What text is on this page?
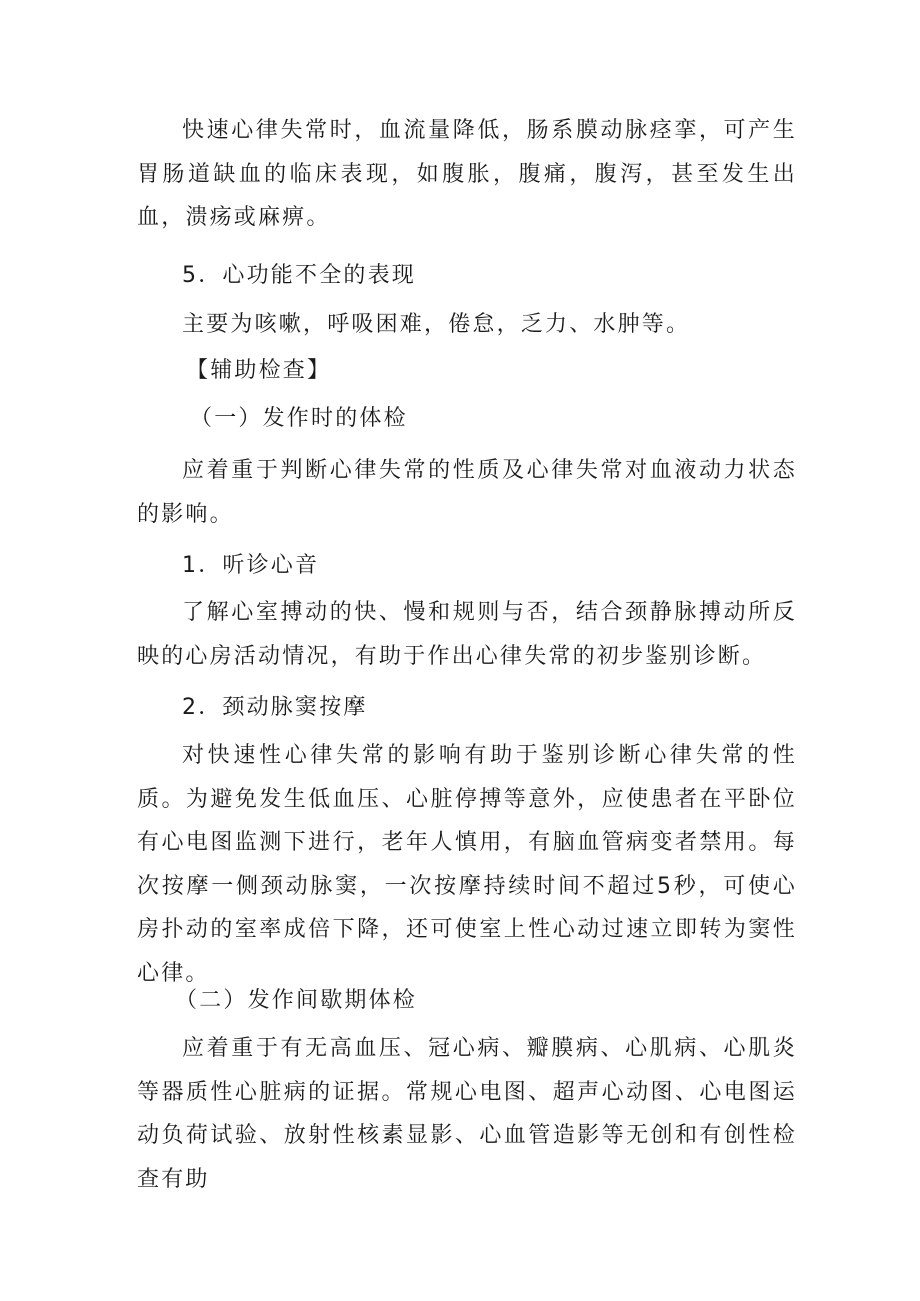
快速心律失常时，血流量降低，肠系膜动脉痉挛，可产生胃肠道缺血的临床表现，如腹胀，腹痛，腹泻，甚至发生出血，溃疡或麻痹。
5．心功能不全的表现
主要为咳嗽，呼吸困难，倦怠，乏力、水肿等。
【辅助检查】
（一）发作时的体检
应着重于判断心律失常的性质及心律失常对血液动力状态的影响。
1．听诊心音
了解心室搏动的快、慢和规则与否，结合颈静脉搏动所反映的心房活动情况，有助于作出心律失常的初步鉴别诊断。
2．颈动脉窦按摩
对快速性心律失常的影响有助于鉴别诊断心律失常的性质。为避免发生低血压、心脏停搏等意外，应使患者在平卧位有心电图监测下进行，老年人慎用，有脑血管病变者禁用。每次按摩一侧颈动脉窦，一次按摩持续时间不超过5秒，可使心房扑动的室率成倍下降，还可使室上性心动过速立即转为窦性心律。
（二）发作间歇期体检
应着重于有无高血压、冠心病、瓣膜病、心肌病、心肌炎等器质性心脏病的证据。常规心电图、超声心动图、心电图运动负荷试验、放射性核素显影、心血管造影等无创和有创性检查有助
